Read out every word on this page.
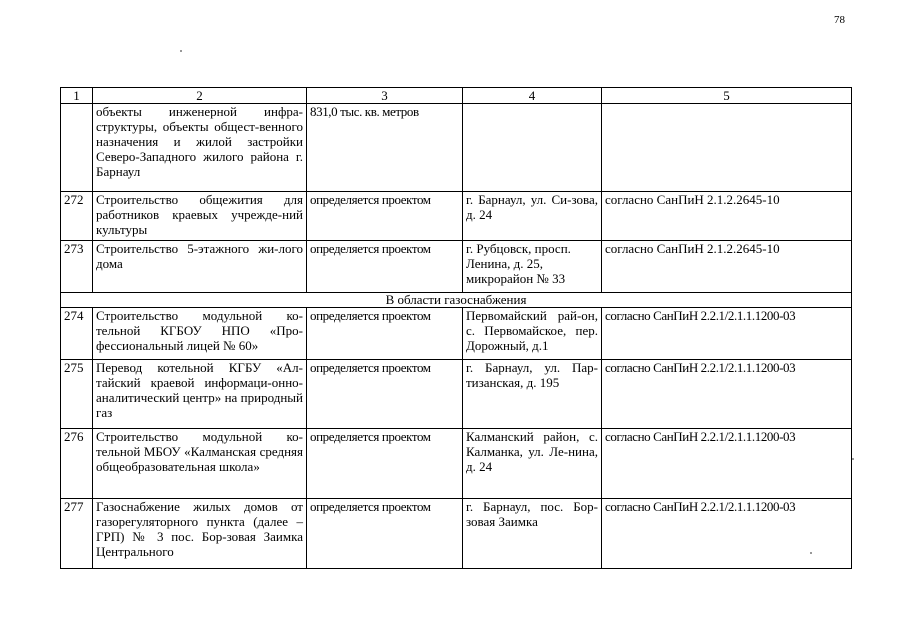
78
1	2	3	4	5
	объекты инженерной инфра-структуры, объекты общест-венного назначения и жилой застройки Северо-Западного жилого района г. Барнаул	831,0 тыс. кв. метров		
272	Строительство общежития для работников краевых учрежде-ний культуры	определяется проектом	г. Барнаул, ул. Си-зова, д. 24	согласно СанПиН 2.1.2.2645-10
273	Строительство 5-этажного жи-лого дома	определяется проектом	г. Рубцовск, просп. Ленина, д. 25, микрорайон № 33	согласно СанПиН 2.1.2.2645-10
В области газоснабжения				
274	Строительство модульной ко-тельной КГБОУ НПО «Про-фессиональный лицей № 60»	определяется проектом	Первомайский рай-он, с. Первомайское, пер. Дорожный, д.1	согласно СанПиН 2.2.1/2.1.1.1200-03
275	Перевод котельной КГБУ «Ал-тайский краевой информаци-онно-аналитический центр» на природный газ	определяется проектом	г. Барнаул, ул. Пар-тизанская, д. 195	согласно СанПиН 2.2.1/2.1.1.1200-03
276	Строительство модульной ко-тельной МБОУ «Калманская средняя общеобразовательная школа»	определяется проектом	Калманский район, с. Калманка, ул. Ле-нина, д. 24	согласно СанПиН 2.2.1/2.1.1.1200-03
277	Газоснабжение жилых домов от газорегуляторного пункта (далее – ГРП) № 3 пос. Бор-зовая Заимка Центрального	определяется проектом	г. Барнаул, пос. Бор-зовая Заимка	согласно СанПиН 2.2.1/2.1.1.1200-03
